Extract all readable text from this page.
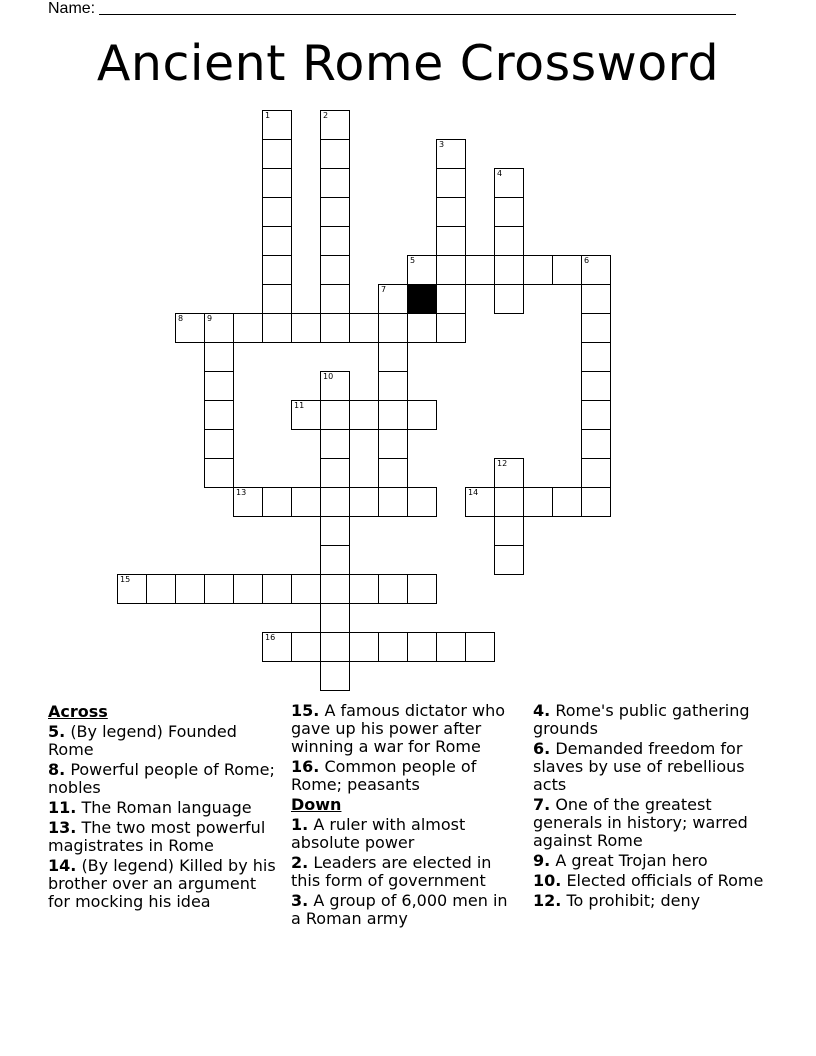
Name:
Ancient Rome Crossword
1	2
3
4
5	6
7
8	9
10
11
12
13	14
15
16
Across
5. (By legend) Founded Rome
8. Powerful people of Rome; nobles
11. The Roman language
13. The two most powerful magistrates in Rome
14. (By legend) Killed by his brother over an argument for mocking his idea
15. A famous dictator who gave up his power after winning a war for Rome
16. Common people of Rome; peasants
Down
1. A ruler with almost absolute power
2. Leaders are elected in this form of government
3. A group of 6,000 men in a Roman army
4. Rome's public gathering grounds
6. Demanded freedom for slaves by use of rebellious acts
7. One of the greatest generals in history; warred against Rome
9. A great Trojan hero
10. Elected officials of Rome
12. To prohibit; deny
